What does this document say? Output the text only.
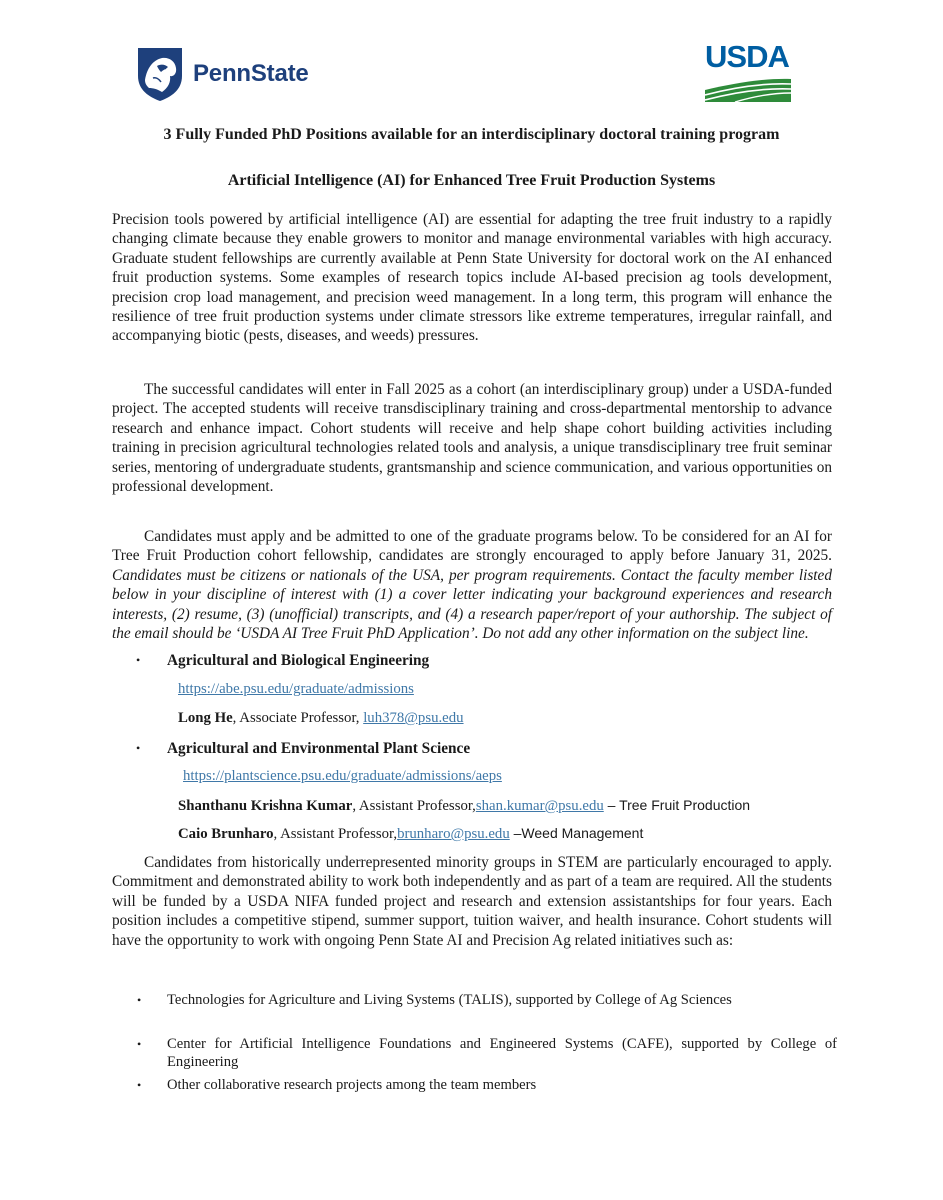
PennState	USDA
3 Fully Funded PhD Positions available for an interdisciplinary doctoral training program
Artificial Intelligence (AI) for Enhanced Tree Fruit Production Systems

Precision tools powered by artificial intelligence (AI) are essential for adapting the tree fruit industry to a rapidly changing climate because they enable growers to monitor and manage environmental variables with high accuracy. Graduate student fellowships are currently available at Penn State University for doctoral work on the AI enhanced fruit production systems. Some examples of research topics include AI-based precision ag tools development, precision crop load management, and precision weed management. In a long term, this program will enhance the resilience of tree fruit production systems under climate stressors like extreme temperatures, irregular rainfall, and accompanying biotic (pests, diseases, and weeds) pressures.

The successful candidates will enter in Fall 2025 as a cohort (an interdisciplinary group) under a USDA-funded project. The accepted students will receive transdisciplinary training and cross-departmental mentorship to advance research and enhance impact. Cohort students will receive and help shape cohort building activities including training in precision agricultural technologies related tools and analysis, a unique transdisciplinary tree fruit seminar series, mentoring of undergraduate students, grantsmanship and science communication, and various opportunities on professional development.

Candidates must apply and be admitted to one of the graduate programs below. To be considered for an AI for Tree Fruit Production cohort fellowship, candidates are strongly encouraged to apply before January 31, 2025. Candidates must be citizens or nationals of the USA, per program requirements. Contact the faculty member listed below in your discipline of interest with (1) a cover letter indicating your background experiences and research interests, (2) resume, (3) (unofficial) transcripts, and (4) a research paper/report of your authorship. The subject of the email should be ‘USDA AI Tree Fruit PhD Application’. Do not add any other information on the subject line.

• Agricultural and Biological Engineering
https://abe.psu.edu/graduate/admissions
Long He, Associate Professor, luh378@psu.edu
• Agricultural and Environmental Plant Science
https://plantscience.psu.edu/graduate/admissions/aeps
Shanthanu Krishna Kumar, Assistant Professor,shan.kumar@psu.edu – Tree Fruit Production
Caio Brunharo, Assistant Professor,brunharo@psu.edu –Weed Management

Candidates from historically underrepresented minority groups in STEM are particularly encouraged to apply. Commitment and demonstrated ability to work both independently and as part of a team are required. All the students will be funded by a USDA NIFA funded project and research and extension assistantships for four years. Each position includes a competitive stipend, summer support, tuition waiver, and health insurance. Cohort students will have the opportunity to work with ongoing Penn State AI and Precision Ag related initiatives such as:

• Technologies for Agriculture and Living Systems (TALIS), supported by College of Ag Sciences
• Center for Artificial Intelligence Foundations and Engineered Systems (CAFE), supported by College of Engineering
• Other collaborative research projects among the team members
